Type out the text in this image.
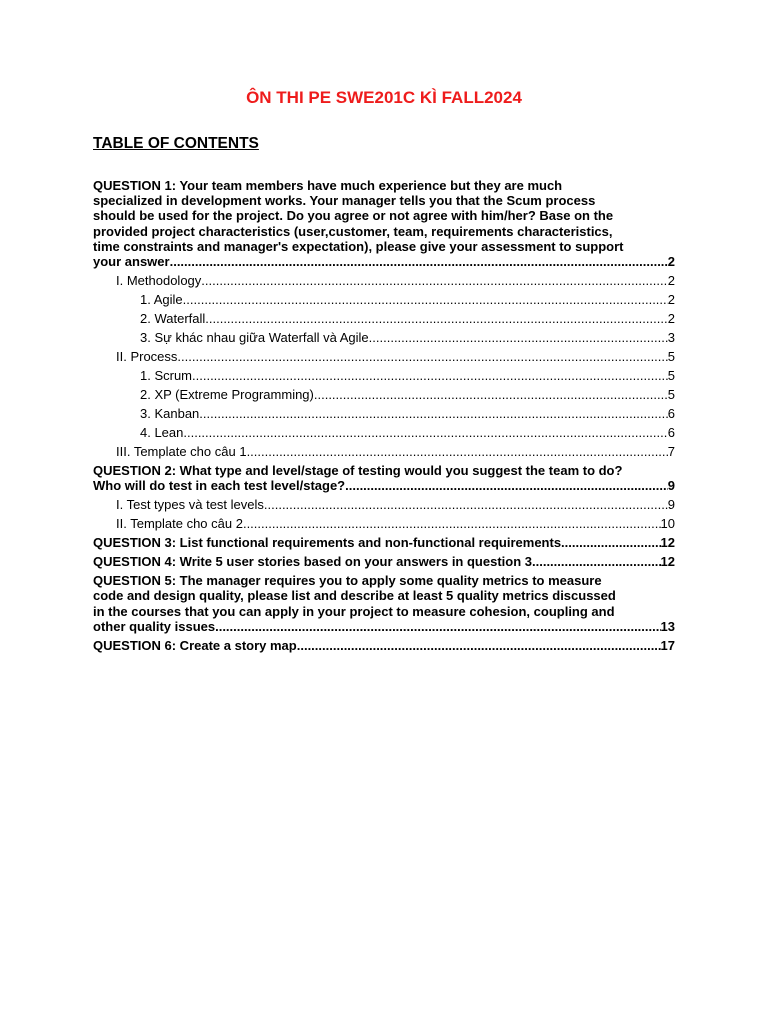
ÔN THI PE SWE201C KÌ FALL2024
TABLE OF CONTENTS
QUESTION 1: Your team members have much experience but they are much
specialized in development works. Your manager tells you that the Scum process
should be used for the project. Do you agree or not agree with him/her? Base on the
provided project characteristics (user,customer, team, requirements characteristics,
time constraints and manager's expectation), please give your assessment to support
your answer .....	2
I. Methodology .....	2
1. Agile .....	2
2. Waterfall .....	2
3. Sự khác nhau giữa Waterfall và Agile .....	3
II. Process .....	5
1. Scrum .....	5
2. XP (Extreme Programming) .....	5
3. Kanban .....	6
4. Lean .....	6
III. Template cho câu 1 .....	7
QUESTION 2: What type and level/stage of testing would you suggest the team to do?
Who will do test in each test level/stage? .....	9
I. Test types và test levels .....	9
II. Template cho câu 2 .....	10
QUESTION 3: List functional requirements and non-functional requirements .....	12
QUESTION 4: Write 5 user stories based on your answers in question 3 .....	12
QUESTION 5: The manager requires you to apply some quality metrics to measure
code and design quality, please list and describe at least 5 quality metrics discussed
in the courses that you can apply in your project to measure cohesion, coupling and
other quality issues .....	13
QUESTION 6: Create a story map .....	17
